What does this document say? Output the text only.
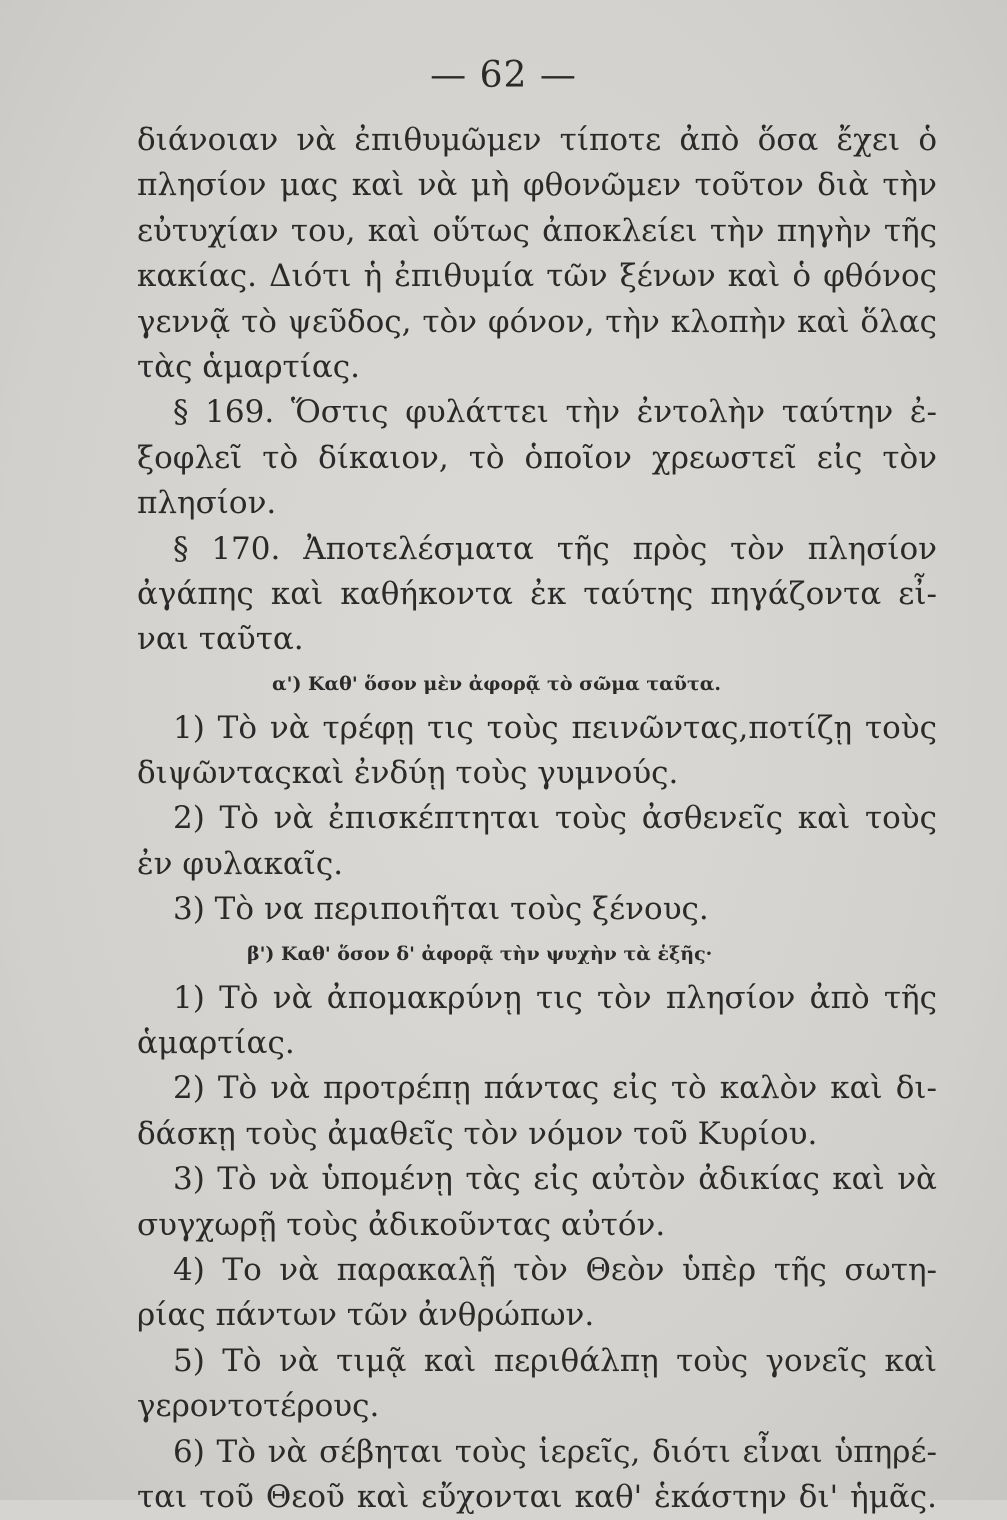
— 62 —
διάνοιαν νὰ ἐπιθυμῶμεν τίποτε ἀπὸ ὅσα ἔχει ὁ
πλησίον μας καὶ νὰ μὴ φθονῶμεν τοῦτον διὰ τὴν
εὐτυχίαν του, καὶ οὕτως ἀποκλείει τὴν πηγὴν τῆς
κακίας. Διότι ἡ ἐπιθυμία τῶν ξένων καὶ ὁ φθόνος
γεννᾷ τὸ ψεῦδος, τὸν φόνον, τὴν κλοπὴν καὶ ὅλας
τὰς ἁμαρτίας.
§ 169. Ὅστις φυλάττει τὴν ἐντολὴν ταύτην ἐ-
ξοφλεῖ τὸ δίκαιον, τὸ ὁποῖον χρεωστεῖ εἰς τὸν
πλησίον.
§ 170. Ἀποτελέσματα τῆς πρὸς τὸν πλησίον
ἀγάπης καὶ καθήκοντα ἐκ ταύτης πηγάζοντα εἶ-
ναι ταῦτα.
α') Καθ' ὅσον μὲν ἀφορᾷ τὸ σῶμα ταῦτα.
1) Τὸ νὰ τρέφῃ τις τοὺς πεινῶντας,ποτίζῃ τοὺς
διψῶνταςκαὶ ἐνδύῃ τοὺς γυμνούς.
2) Τὸ νὰ ἐπισκέπτηται τοὺς ἀσθενεῖς καὶ τοὺς
ἐν φυλακαῖς.
3) Τὸ να περιποιῆται τοὺς ξένους.
β') Καθ' ὅσον δ' ἀφορᾷ τὴν ψυχὴν τὰ ἑξῆς·
1) Τὸ νὰ ἀπομακρύνῃ τις τὸν πλησίον ἀπὸ τῆς
ἁμαρτίας.
2) Τὸ νὰ προτρέπῃ πάντας εἰς τὸ καλὸν καὶ δι-
δάσκῃ τοὺς ἀμαθεῖς τὸν νόμον τοῦ Κυρίου.
3) Τὸ νὰ ὑπομένῃ τὰς εἰς αὐτὸν ἀδικίας καὶ νὰ
συγχωρῇ τοὺς ἀδικοῦντας αὐτόν.
4) Το νὰ παρακαλῇ τὸν Θεὸν ὑπὲρ τῆς σωτη-
ρίας πάντων τῶν ἀνθρώπων.
5) Τὸ νὰ τιμᾷ καὶ περιθάλπῃ τοὺς γονεῖς καὶ
γεροντοτέρους.
6) Τὸ νὰ σέβηται τοὺς ἱερεῖς, διότι εἶναι ὑπηρέ-
ται τοῦ Θεοῦ καὶ εὔχονται καθ' ἑκάστην δι' ἡμᾶς.
